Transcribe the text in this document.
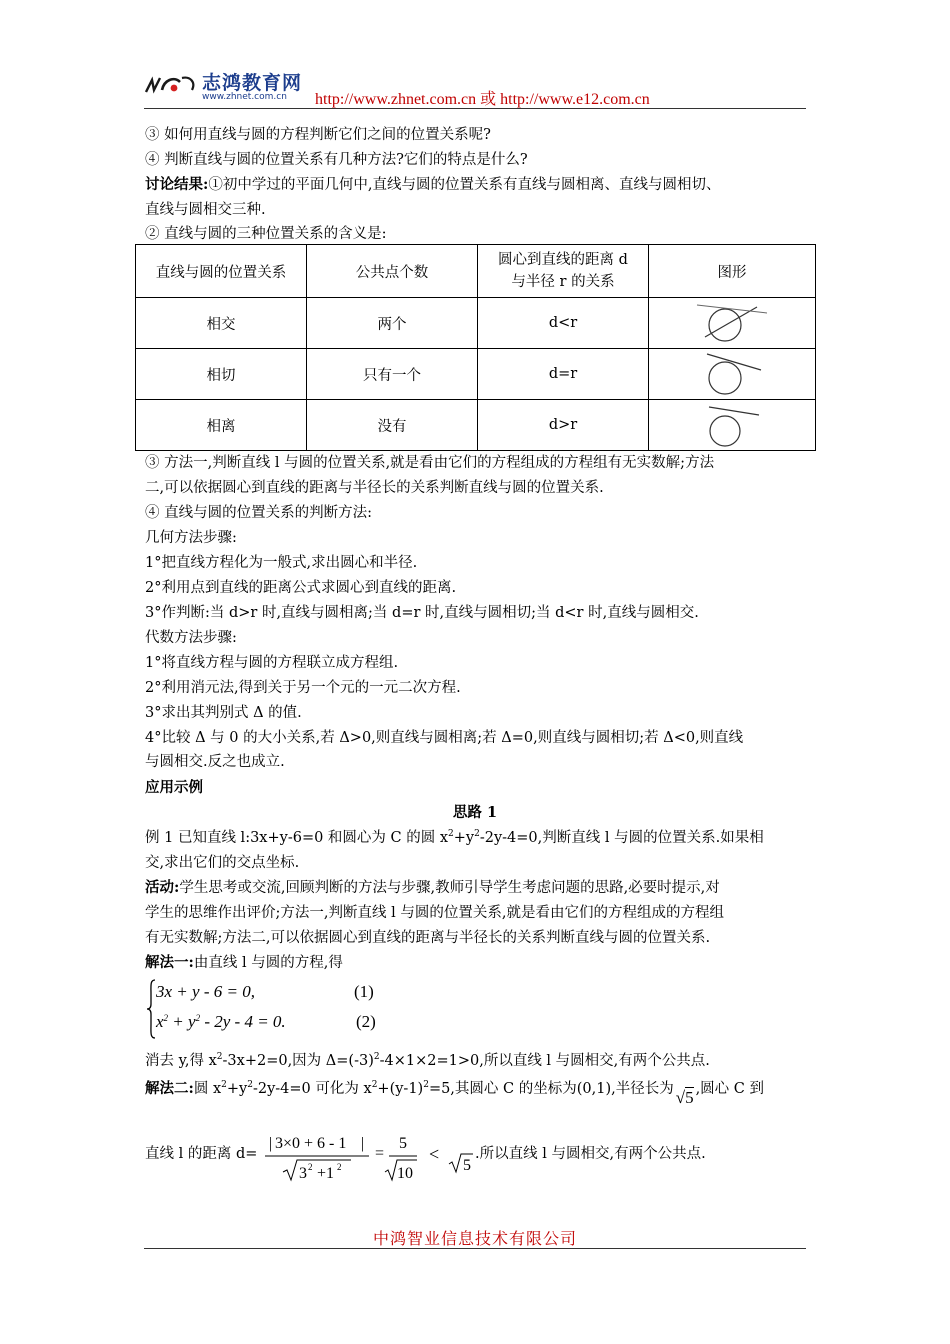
志鸿教育网
www.zhnet.com.cn http://www.zhnet.com.cn 或 http://www.e12.com.cn
③ 如何用直线与圆的方程判断它们之间的位置关系呢?
④ 判断直线与圆的位置关系有几种方法?它们的特点是什么?
讨论结果:①初中学过的平面几何中,直线与圆的位置关系有直线与圆相离、直线与圆相切、
直线与圆相交三种.
② 直线与圆的三种位置关系的含义是:
直线与圆的位置关系	公共点个数	圆心到直线的距离 d
与半径 r 的关系	图形
相交	两个	d<r	

相切	只有一个	d=r	

相离	没有	d>r	
③ 方法一,判断直线 l 与圆的位置关系,就是看由它们的方程组成的方程组有无实数解;方法
二,可以依据圆心到直线的距离与半径长的关系判断直线与圆的位置关系.
④ 直线与圆的位置关系的判断方法:
几何方法步骤:
1°把直线方程化为一般式,求出圆心和半径.
2°利用点到直线的距离公式求圆心到直线的距离.
3°作判断:当 d>r 时,直线与圆相离;当 d=r 时,直线与圆相切;当 d<r 时,直线与圆相交.
代数方法步骤:
1°将直线方程与圆的方程联立成方程组.
2°利用消元法,得到关于另一个元的一元二次方程.
3°求出其判别式 Δ 的值.
4°比较 Δ 与 0 的大小关系,若 Δ>0,则直线与圆相离;若 Δ=0,则直线与圆相切;若 Δ<0,则直线
与圆相交.反之也成立.
应用示例
思路 1
例 1 已知直线 l:3x+y-6=0 和圆心为 C 的圆 $x^2+y^2-2y-4=0$,判断直线 l 与圆的位置关系.如果相
交,求出它们的交点坐标.
活动:学生思考或交流,回顾判断的方法与步骤,教师引导学生考虑问题的思路,必要时提示,对
学生的思维作出评价;方法一,判断直线 l 与圆的位置关系,就是看由它们的方程组成的方程组
有无实数解;方法二,可以依据圆心到直线的距离与半径长的关系判断直线与圆的位置关系.
解法一:由直线 l 与圆的方程,得
3x + y - 6 = 0,	(1)
$x^2 + y^2 - 2y - 4 = 0$.	(2)
消去 y,得 $x^2-3x+2=0$,因为 $\Delta=(-3)^2-4\times 1\times 2=1>0$,所以直线 l 与圆相交,有两个公共点.
解法二:圆 $x^2+y^2-2y-4=0$ 可化为 $x^2+(y-1)^2=5$,其圆心 C 的坐标为(0,1),半径长为 √5 ,圆心 C 到
直线 l 的距离 d=
| 3×0 + 6 - 1 |
3 2 +1 2
=
5
10
<
5
.所以直线 l 与圆相交,有两个公共点.
中鸿智业信息技术有限公司
